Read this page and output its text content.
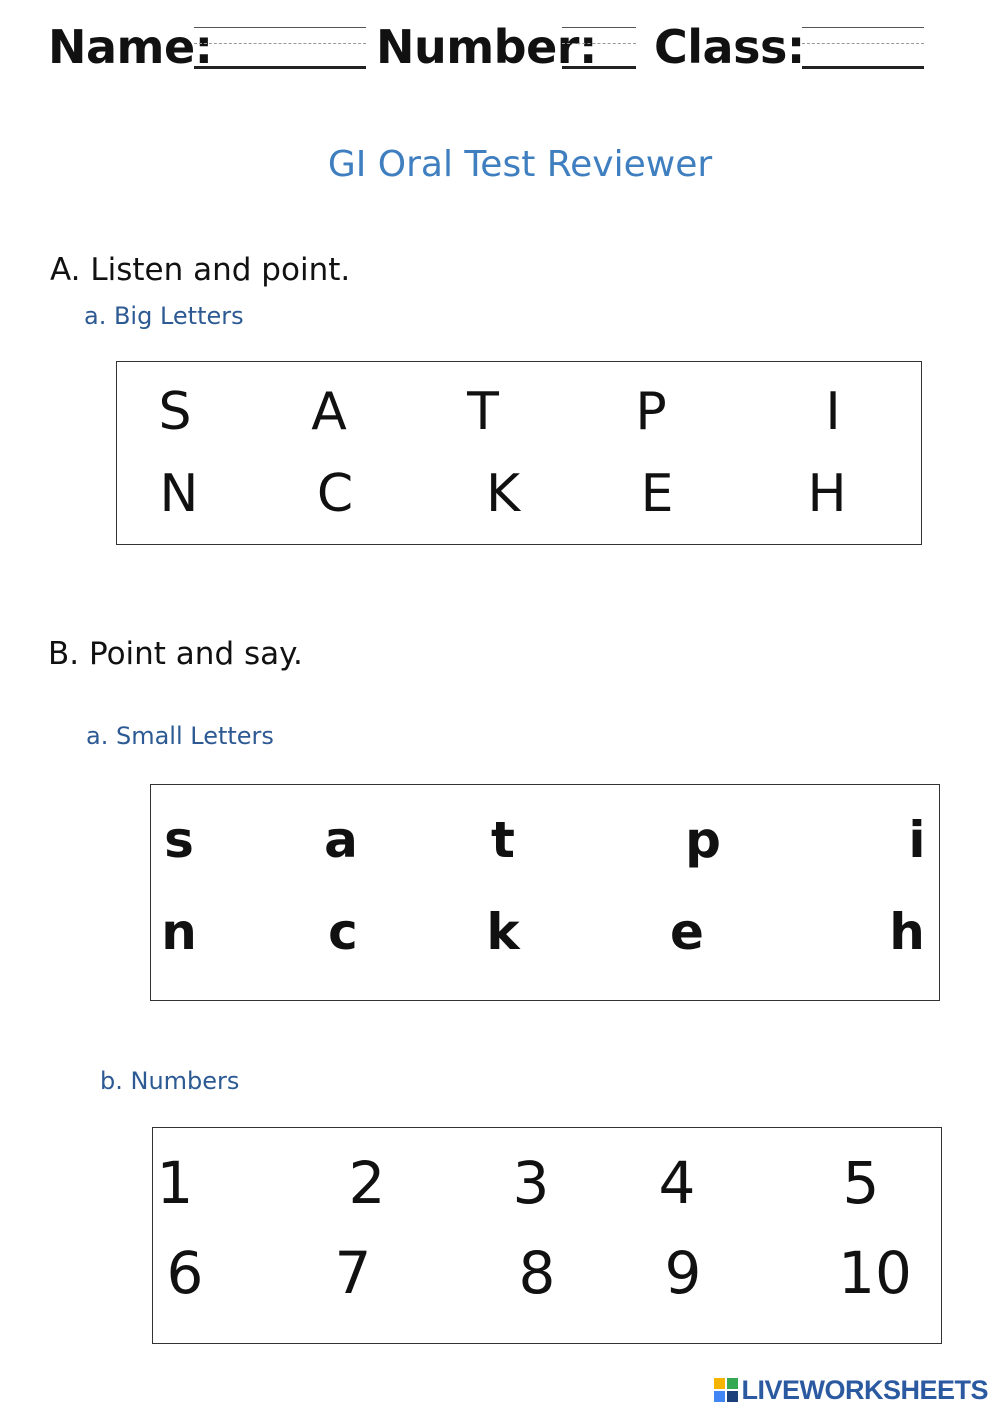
Name:	Number: Class:
GI Oral Test Reviewer
A. Listen and point.
a. Big Letters
S A T	P	I
N C	K E	H
B. Point and say.
a. Small Letters
s	a	t	p	i
n	c	k	e	h
b. Numbers
1	2 3 4	5
6 7	8 9 10
LIVEWORKSHEETS
